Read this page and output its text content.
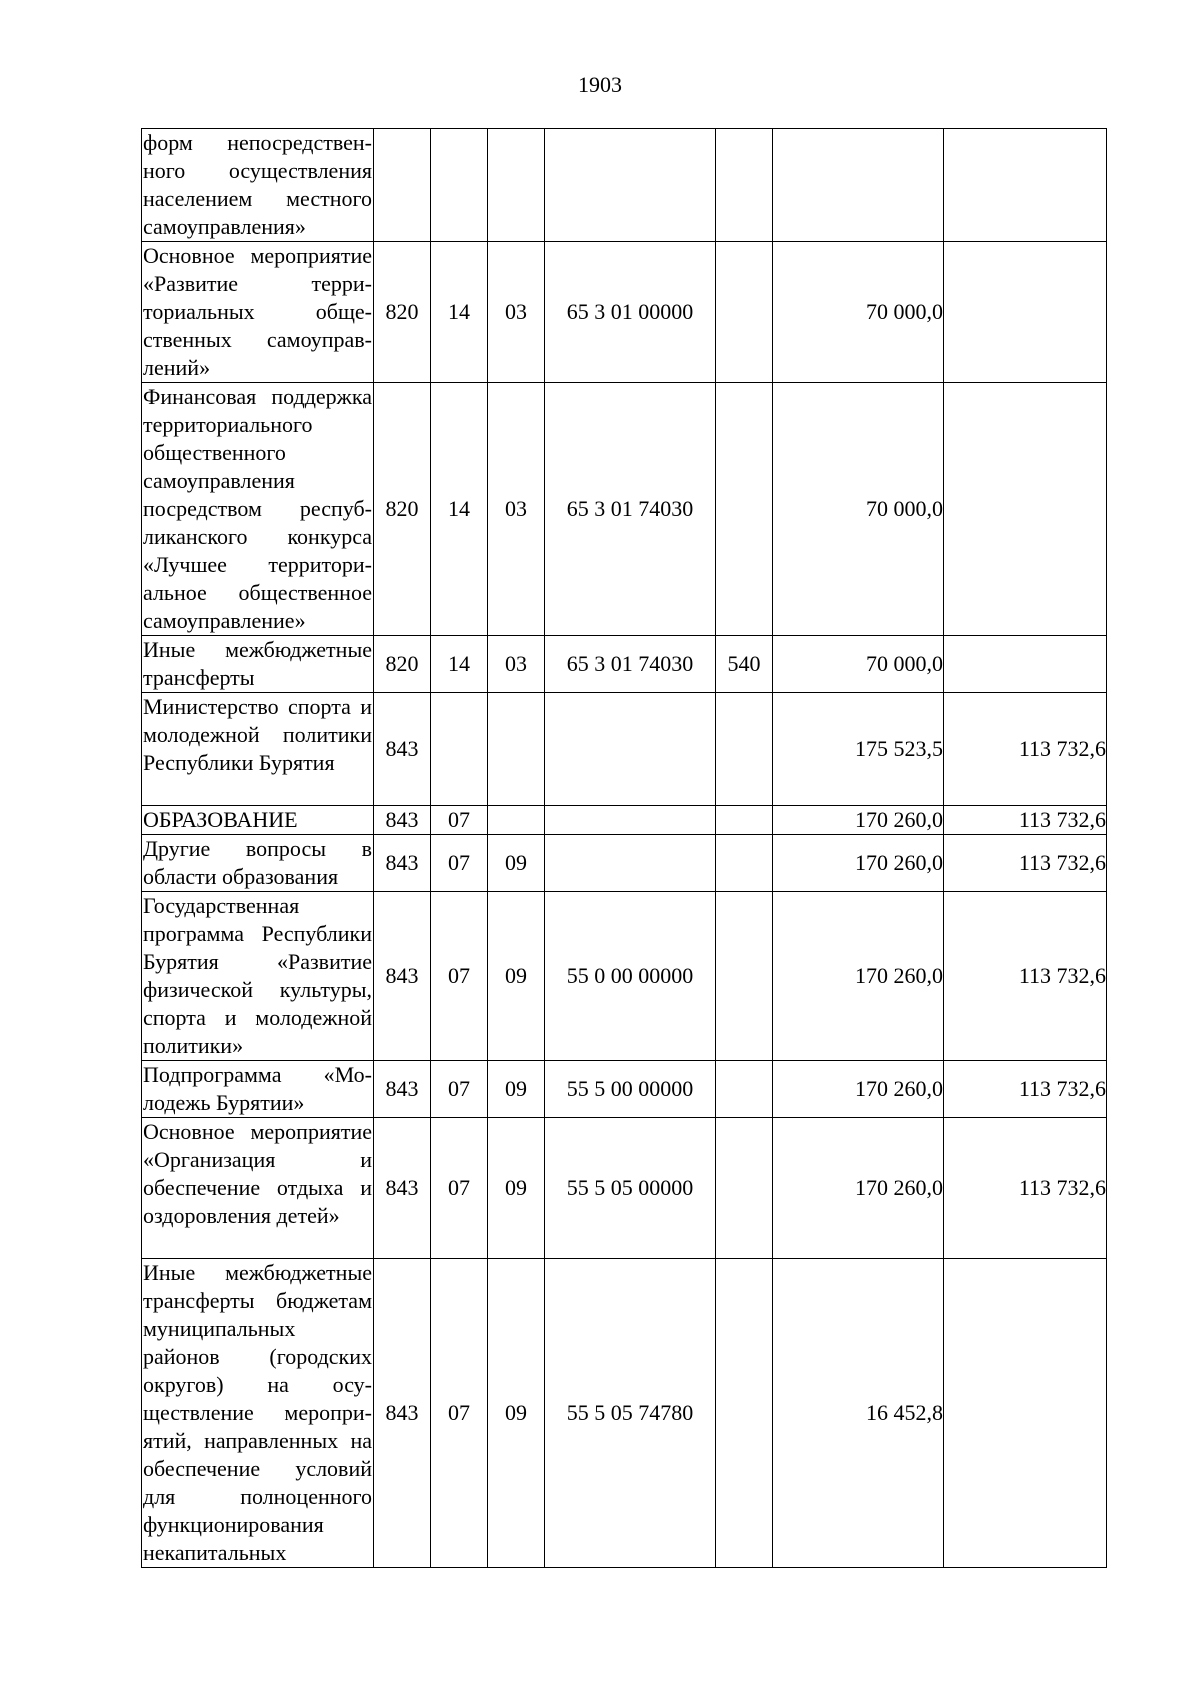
1903
форм непосредственного осуществления населением местного самоуправления»							
Основное мероприятие «Развитие территориальных общественных самоуправлений»	820	14	03	65 3 01 00000		70 000,0	
Финансовая поддержка территориального общественного самоуправления посредством республиканского конкурса «Лучшее территориальное общественное самоуправление»	820	14	03	65 3 01 74030		70 000,0	
Иные межбюджетные трансферты	820	14	03	65 3 01 74030	540	70 000,0	
Министерство спорта и молодежной политики Республики Бурятия	843					175 523,5	113 732,6
ОБРАЗОВАНИЕ	843	07				170 260,0	113 732,6
Другие вопросы в области образования	843	07	09			170 260,0	113 732,6
Государственная программа Республики Бурятия «Развитие физической культуры, спорта и молодежной политики»	843	07	09	55 0 00 00000		170 260,0	113 732,6
Подпрограмма «Молодежь Бурятии»	843	07	09	55 5 00 00000		170 260,0	113 732,6
Основное мероприятие «Организация и обеспечение отдыха и оздоровления детей»	843	07	09	55 5 05 00000		170 260,0	113 732,6
Иные межбюджетные трансферты бюджетам муниципальных районов (городских округов) на осуществление мероприятий, направленных на обеспечение условий для полноценного функционирования некапитальных	843	07	09	55 5 05 74780		16 452,8	
